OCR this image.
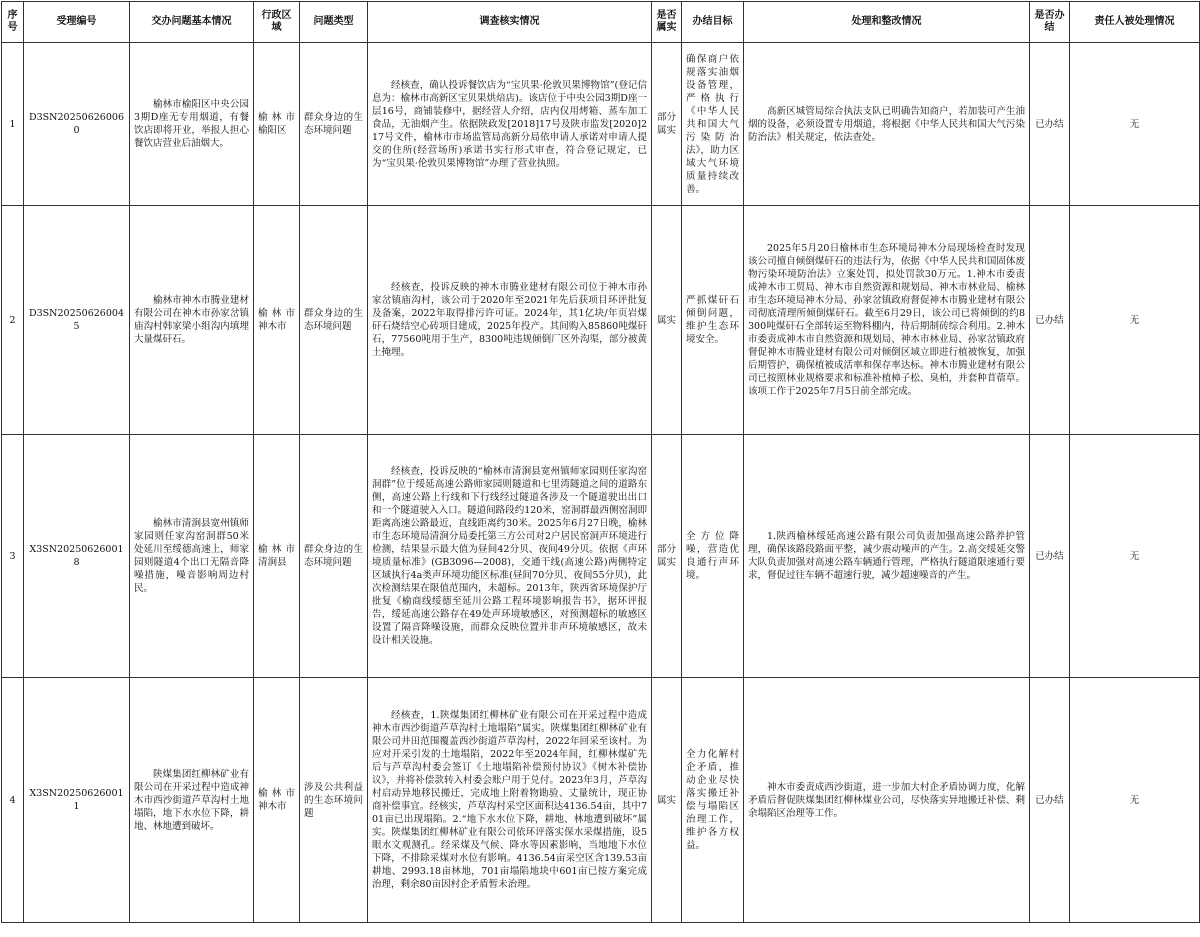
序号	受理编号	交办问题基本情况	行政区域	问题类型	调查核实情况	是否属实	办结目标	处理和整改情况	是否办结	责任人被处理情况
1	D3SN202506260060	榆林市榆阳区中央公园3期D座无专用烟道，有餐饮店即将开业，举报人担心餐饮店营业后油烟大。	榆林市榆阳区	群众身边的生态环境问题	经核查，确认投诉餐饮店为“宝贝果·伦敦贝果博物馆”(登记信息为：榆林市高新区宝贝果烘焙店)。该店位于中央公园3期D座一层16号，商铺装修中，据经营人介绍，店内仅用烤箱、蒸车加工食品，无油烟产生。依据陕政发[2018]17号及陕市监发[2020]217号文件，榆林市市场监管局高新分局依申请人承诺对申请人提交的住所(经营场所)承诺书实行形式审查，符合登记规定，已为“宝贝果·伦敦贝果博物馆”办理了营业执照。	部分属实	确保商户依规落实油烟设备管理，严格执行《中华人民共和国大气污染防治法》，助力区域大气环境质量持续改善。	高新区城管局综合执法支队已明确告知商户，若加装可产生油烟的设备，必须设置专用烟道，将根据《中华人民共和国大气污染防治法》相关规定，依法查处。	已办结	无
2	D3SN202506260045	榆林市神木市腾业建材有限公司在神木市孙家岔镇庙沟村韩家梁小组沟内填埋大量煤矸石。	榆林市神木市	群众身边的生态环境问题	经核查，投诉反映的神木市腾业建材有限公司位于神木市孙家岔镇庙沟村，该公司于2020年至2021年先后获项目环评批复及备案，2022年取得排污许可证。2024年，其1亿块/年页岩煤矸石烧结空心砖项目建成，2025年投产。其间购入85860吨煤矸石，77560吨用于生产，8300吨违规倾倒厂区外沟渠，部分被黄土掩埋。	属实	严抓煤矸石倾倒问题，维护生态环境安全。	2025年5月20日榆林市生态环境局神木分局现场检查时发现该公司擅自倾倒煤矸石的违法行为，依据《中华人民共和国固体废物污染环境防治法》立案处罚，拟处罚款30万元。1.神木市委责成神木市工贸局、神木市自然资源和规划局、神木市林业局、榆林市生态环境局神木分局、孙家岔镇政府督促神木市腾业建材有限公司彻底清理所倾倒煤矸石。截至6月29日，该公司已将倾倒的约8300吨煤矸石全部转运至物料棚内，待后期制砖综合利用。2.神木市委责成神木市自然资源和规划局、神木市林业局、孙家岔镇政府督促神木市腾业建材有限公司对倾倒区域立即进行植被恢复，加强后期管护，确保植被成活率和保存率达标。神木市腾业建材有限公司已按照林业规格要求和标准补植樟子松、臭柏，并套种苜蓿草。该项工作于2025年7月5日前全部完成。	已办结	无
3	X3SN202506260018	榆林市清涧县宽州镇师家园则任家沟窑洞群50米处延川至绥德高速上，师家园则隧道4个出口无隔音降噪措施，噪音影响周边村民。	榆林市清涧县	群众身边的生态环境问题	经核查，投诉反映的“榆林市清涧县宽州镇师家园则任家沟窑洞群”位于绥延高速公路师家园则隧道和七里湾隧道之间的道路东侧，高速公路上行线和下行线经过隧道各涉及一个隧道驶出出口和一个隧道驶入入口。隧道间路段约120米，窑洞群最西侧窑洞即距离高速公路最近，直线距离约30米。2025年6月27日晚，榆林市生态环境局清涧分局委托第三方公司对2户居民窑洞声环境进行检测，结果显示最大值为昼间42分贝、夜间49分贝。依据《声环境质量标准》(GB3096—2008)，交通干线(高速公路)两侧特定区域执行4a类声环境功能区标准(昼间70分贝、夜间55分贝)，此次检测结果在限值范围内，未超标。2013年，陕西省环境保护厅批复《榆商线绥德至延川公路工程环境影响报告书》，据环评报告，绥延高速公路存在49处声环境敏感区，对预测超标的敏感区设置了隔音降噪设施，而群众反映位置并非声环境敏感区，故未设计相关设施。	部分属实	全方位降噪，营造优良通行声环境。	1.陕西榆林绥延高速公路有限公司负责加强高速公路养护管理，确保该路段路面平整，减少震动噪声的产生。2.高交绥延交警大队负责加强对高速公路车辆通行管理，严格执行隧道限速通行要求，督促过往车辆不超速行驶，减少超速噪音的产生。	已办结	无
4	X3SN202506260011	陕煤集团红柳林矿业有限公司在开采过程中造成神木市西沙街道芦草沟村土地塌陷，地下水水位下降，耕地、林地遭到破坏。	榆林市神木市	涉及公共利益的生态环境问题	经核查，1.陕煤集团红柳林矿业有限公司在开采过程中造成神木市西沙街道芦草沟村土地塌陷”属实。陕煤集团红柳林矿业有限公司井田范围覆盖西沙街道芦草沟村，2022年回采至该村。为应对开采引发的土地塌陷，2022年至2024年间，红柳林煤矿先后与芦草沟村委会签订《土地塌陷补偿预付协议》《树木补偿协议》，并将补偿款转入村委会账户用于兑付。2023年3月，芦草沟村启动异地移民搬迁，完成地上附着物勘验、丈量统计，现正协商补偿事宜。经核实，芦草沟村采空区面积达4136.54亩，其中701亩已出现塌陷。2.“地下水水位下降，耕地、林地遭到破坏”属实。陕煤集团红柳林矿业有限公司依环评落实保水采煤措施，设5眼水文观测孔。经采煤及气候、降水等因素影响，当地地下水位下降，不排除采煤对水位有影响。4136.54亩采空区含139.53亩耕地、2993.18亩林地，701亩塌陷地块中601亩已按方案完成治理，剩余80亩因村企矛盾暂未治理。	属实	全力化解村企矛盾，推动企业尽快落实搬迁补偿与塌陷区治理工作，维护各方权益。	神木市委责成西沙街道，进一步加大村企矛盾协调力度，化解矛盾后督促陕煤集团红柳林煤业公司，尽快落实异地搬迁补偿、剩余塌陷区治理等工作。	已办结	无
